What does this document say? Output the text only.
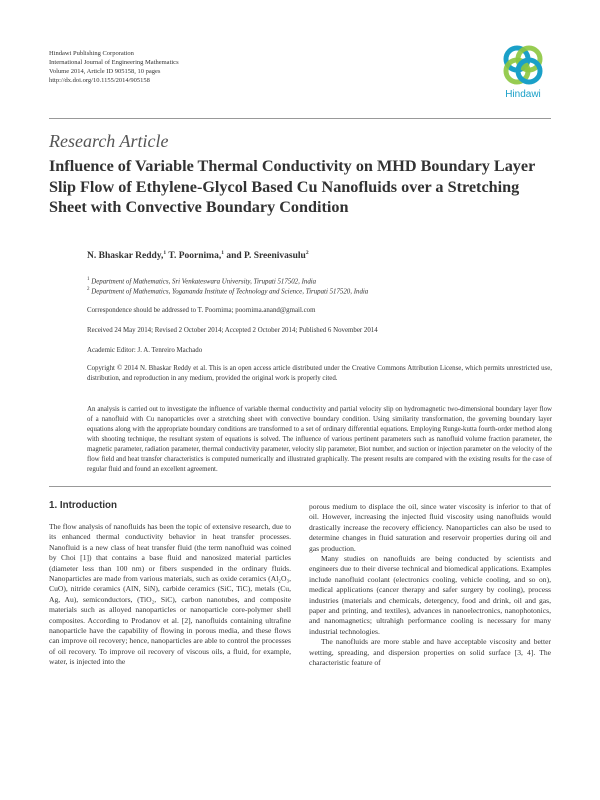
Hindawi Publishing Corporation
International Journal of Engineering Mathematics
Volume 2014, Article ID 905158, 10 pages
http://dx.doi.org/10.1155/2014/905158
Hindawi
Research Article
Influence of Variable Thermal Conductivity on MHD Boundary Layer Slip Flow of Ethylene-Glycol Based Cu Nanofluids over a Stretching Sheet with Convective Boundary Condition
N. Bhaskar Reddy,$^1$ T. Poornima,$^1$ and P. Sreenivasulu$^2$
$^1$ Department of Mathematics, Sri Venkateswara University, Tirupati 517502, India
$^2$ Department of Mathematics, Yogananda Institute of Technology and Science, Tirupati 517520, India
Correspondence should be addressed to T. Poornima; poornima.anand@gmail.com
Received 24 May 2014; Revised 2 October 2014; Accepted 2 October 2014; Published 6 November 2014
Academic Editor: J. A. Tenreiro Machado
Copyright © 2014 N. Bhaskar Reddy et al. This is an open access article distributed under the Creative Commons Attribution License, which permits unrestricted use, distribution, and reproduction in any medium, provided the original work is properly cited.
An analysis is carried out to investigate the influence of variable thermal conductivity and partial velocity slip on hydromagnetic two-dimensional boundary layer flow of a nanofluid with Cu nanoparticles over a stretching sheet with convective boundary condition. Using similarity transformation, the governing boundary layer equations along with the appropriate boundary conditions are transformed to a set of ordinary differential equations. Employing Runge-kutta fourth-order method along with shooting technique, the resultant system of equations is solved. The influence of various pertinent parameters such as nanofluid volume fraction parameter, the magnetic parameter, radiation parameter, thermal conductivity parameter, velocity slip parameter, Biot number, and suction or injection parameter on the velocity of the flow field and heat transfer characteristics is computed numerically and illustrated graphically. The present results are compared with the existing results for the case of regular fluid and found an excellent agreement.
1. Introduction

The flow analysis of nanofluids has been the topic of extensive research, due to its enhanced thermal conductivity behavior in heat transfer processes. Nanofluid is a new class of heat transfer fluid (the term nanofluid was coined by Choi [1]) that contains a base fluid and nanosized material particles (diameter less than 100 nm) or fibers suspended in the ordinary fluids. Nanoparticles are made from various materials, such as oxide ceramics (Al₂O₃, CuO), nitride ceramics (AlN, SiN), carbide ceramics (SiC, TiC), metals (Cu, Ag, Au), semiconductors, (TiO₂, SiC), carbon nanotubes, and composite materials such as alloyed nanoparticles or nanoparticle core-polymer shell composites. According to Prodanov et al. [2], nanofluids containing ultrafine nanoparticle have the capability of flowing in porous media, and these flows can improve oil recovery; hence, nanoparticles are able to control the processes of oil recovery. To improve oil recovery of viscous oils, a fluid, for example, water, is injected into the

porous medium to displace the oil, since water viscosity is inferior to that of oil. However, increasing the injected fluid viscosity using nanofluids would drastically increase the recovery efficiency. Nanoparticles can also be used to determine changes in fluid saturation and reservoir properties during oil and gas production.

Many studies on nanofluids are being conducted by scientists and engineers due to their diverse technical and biomedical applications. Examples include nanofluid coolant (electronics cooling, vehicle cooling, and so on), medical applications (cancer therapy and safer surgery by cooling), process industries (materials and chemicals, detergency, food and drink, oil and gas, paper and printing, and textiles), advances in nanoelectronics, nanophotonics, and nanomagnetics; ultrahigh performance cooling is necessary for many industrial technologies.

The nanofluids are more stable and have acceptable viscosity and better wetting, spreading, and dispersion properties on solid surface [3, 4]. The characteristic feature of
